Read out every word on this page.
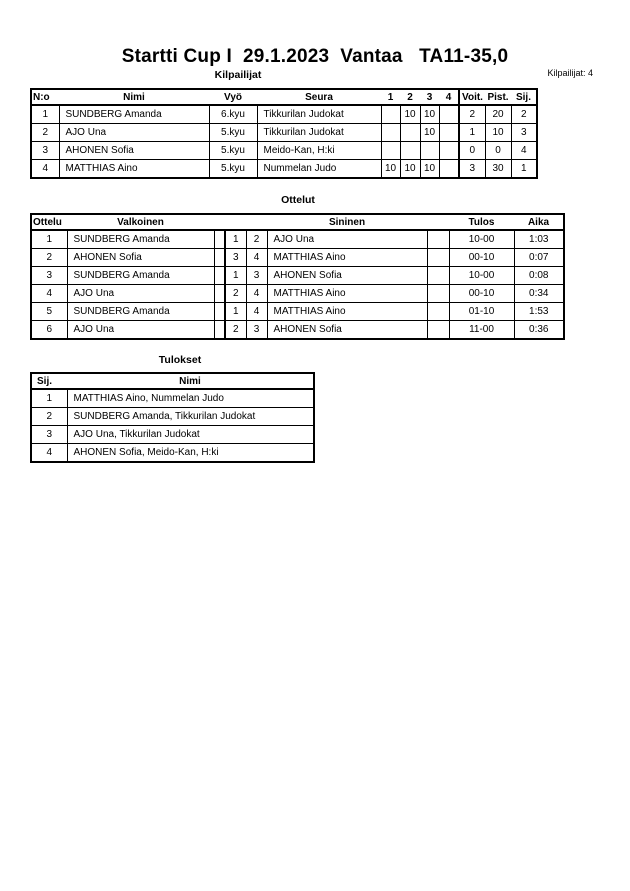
Startti Cup I  29.1.2023  Vantaa   TA11-35,0
Kilpailijat	Kilpailijat: 4
N:o	Nimi	Vyö	Seura	1	2	3	4	Voit.	Pist.	Sij.
1	SUNDBERG Amanda	6.kyu	Tikkurilan Judokat		10	10		2	20	2
2	AJO Una	5.kyu	Tikkurilan Judokat			10		1	10	3
3	AHONEN Sofia	5.kyu	Meido-Kan, H:ki					0	0	4
4	MATTHIAS Aino	5.kyu	Nummelan Judo	10	10	10		3	30	1
Ottelut
Ottelu	Valkoinen				Sininen		Tulos	Aika
1	SUNDBERG Amanda		1	2	AJO Una		10-00	1:03
2	AHONEN Sofia		3	4	MATTHIAS Aino		00-10	0:07
3	SUNDBERG Amanda		1	3	AHONEN Sofia		10-00	0:08
4	AJO Una		2	4	MATTHIAS Aino		00-10	0:34
5	SUNDBERG Amanda		1	4	MATTHIAS Aino		01-10	1:53
6	AJO Una		2	3	AHONEN Sofia		11-00	0:36
Tulokset
Sij.	Nimi
1	MATTHIAS Aino, Nummelan Judo
2	SUNDBERG Amanda, Tikkurilan Judokat
3	AJO Una, Tikkurilan Judokat
4	AHONEN Sofia, Meido-Kan, H:ki
